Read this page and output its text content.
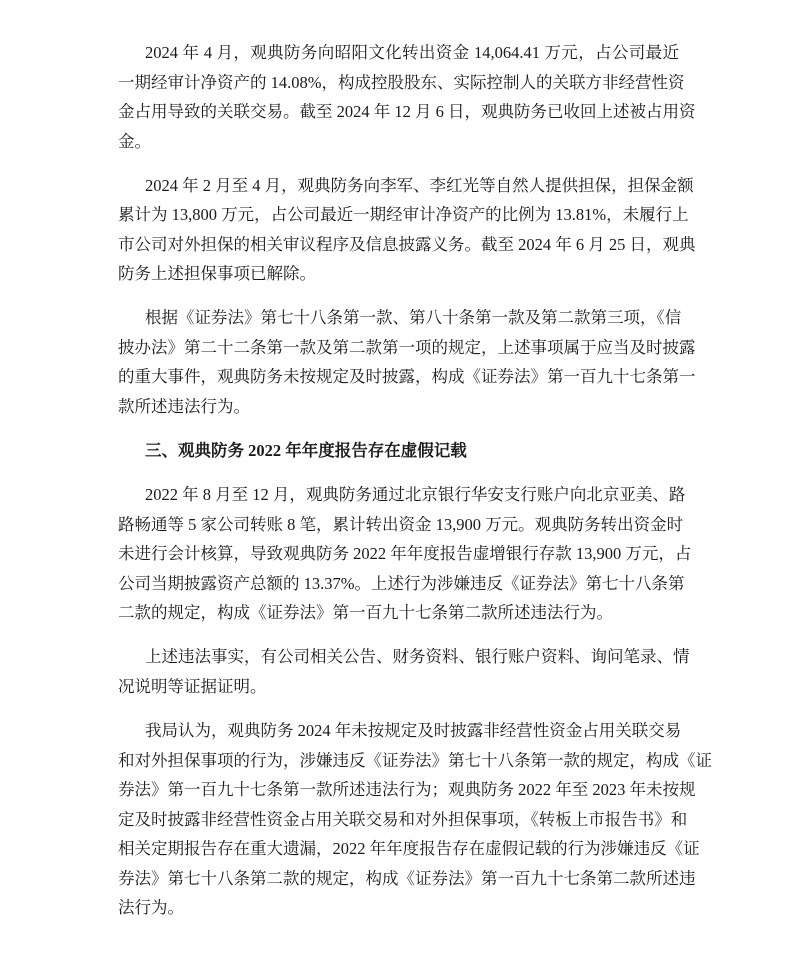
2024 年 4 月，观典防务向昭阳文化转出资金 14,064.41 万元，占公司最近
一期经审计净资产的 14.08%，构成控股股东、实际控制人的关联方非经营性资
金占用导致的关联交易。截至 2024 年 12 月 6 日，观典防务已收回上述被占用资
金。
2024 年 2 月至 4 月，观典防务向李军、李红光等自然人提供担保，担保金额
累计为 13,800 万元，占公司最近一期经审计净资产的比例为 13.81%，未履行上
市公司对外担保的相关审议程序及信息披露义务。截至 2024 年 6 月 25 日，观典
防务上述担保事项已解除。
根据《证券法》第七十八条第一款、第八十条第一款及第二款第三项，《信
披办法》第二十二条第一款及第二款第一项的规定，上述事项属于应当及时披露
的重大事件，观典防务未按规定及时披露，构成《证券法》第一百九十七条第一
款所述违法行为。
三、观典防务 2022 年年度报告存在虚假记载
2022 年 8 月至 12 月，观典防务通过北京银行华安支行账户向北京亚美、路
路畅通等 5 家公司转账 8 笔，累计转出资金 13,900 万元。观典防务转出资金时
未进行会计核算，导致观典防务 2022 年年度报告虚增银行存款 13,900 万元，占
公司当期披露资产总额的 13.37%。上述行为涉嫌违反《证券法》第七十八条第
二款的规定，构成《证券法》第一百九十七条第二款所述违法行为。
上述违法事实，有公司相关公告、财务资料、银行账户资料、询问笔录、情
况说明等证据证明。
我局认为，观典防务 2024 年未按规定及时披露非经营性资金占用关联交易
和对外担保事项的行为，涉嫌违反《证券法》第七十八条第一款的规定，构成《证
券法》第一百九十七条第一款所述违法行为；观典防务 2022 年至 2023 年未按规
定及时披露非经营性资金占用关联交易和对外担保事项，《转板上市报告书》和
相关定期报告存在重大遗漏，2022 年年度报告存在虚假记载的行为涉嫌违反《证
券法》第七十八条第二款的规定，构成《证券法》第一百九十七条第二款所述违
法行为。
